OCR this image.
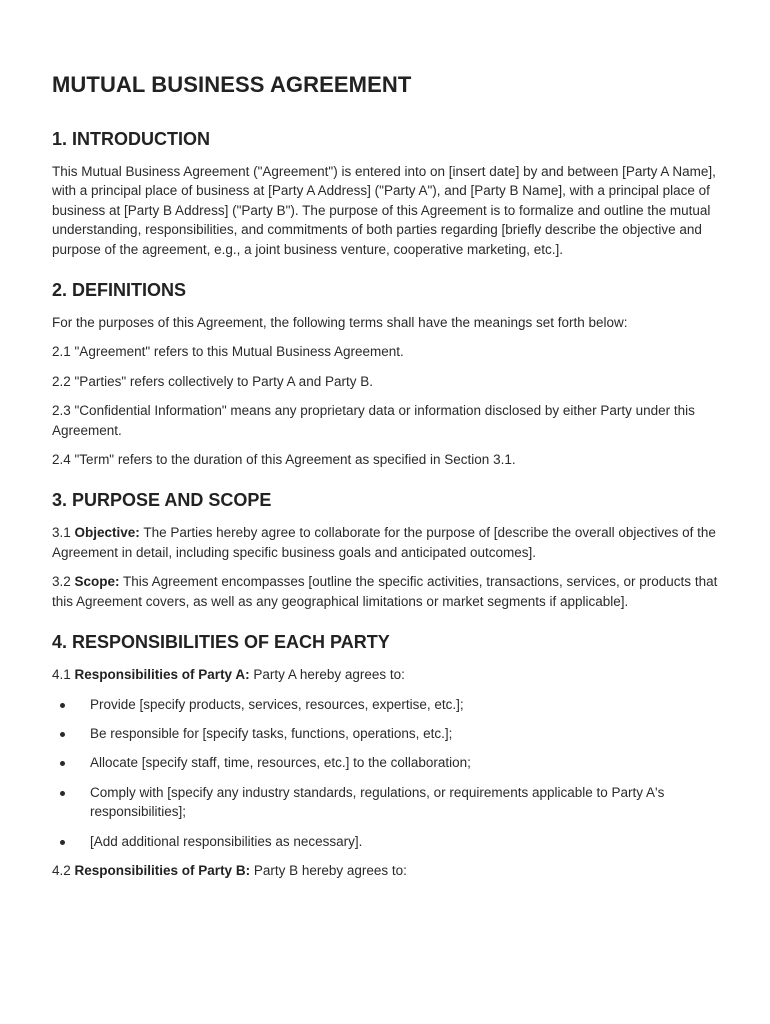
MUTUAL BUSINESS AGREEMENT
1. INTRODUCTION

This Mutual Business Agreement ("Agreement") is entered into on [insert date] by and between [Party A Name], with a principal place of business at [Party A Address] ("Party A"), and [Party B Name], with a principal place of business at [Party B Address] ("Party B"). The purpose of this Agreement is to formalize and outline the mutual understanding, responsibilities, and commitments of both parties regarding [briefly describe the objective and purpose of the agreement, e.g., a joint business venture, cooperative marketing, etc.].

2. DEFINITIONS

For the purposes of this Agreement, the following terms shall have the meanings set forth below:

2.1 "Agreement" refers to this Mutual Business Agreement.

2.2 "Parties" refers collectively to Party A and Party B.

2.3 "Confidential Information" means any proprietary data or information disclosed by either Party under this Agreement.

2.4 "Term" refers to the duration of this Agreement as specified in Section 3.1.

3. PURPOSE AND SCOPE

3.1 Objective: The Parties hereby agree to collaborate for the purpose of [describe the overall objectives of the Agreement in detail, including specific business goals and anticipated outcomes].

3.2 Scope: This Agreement encompasses [outline the specific activities, transactions, services, or products that this Agreement covers, as well as any geographical limitations or market segments if applicable].

4. RESPONSIBILITIES OF EACH PARTY

4.1 Responsibilities of Party A: Party A hereby agrees to:

Provide [specify products, services, resources, expertise, etc.];
Be responsible for [specify tasks, functions, operations, etc.];
Allocate [specify staff, time, resources, etc.] to the collaboration;
Comply with [specify any industry standards, regulations, or requirements applicable to Party A's responsibilities];
[Add additional responsibilities as necessary].

4.2 Responsibilities of Party B: Party B hereby agrees to:
